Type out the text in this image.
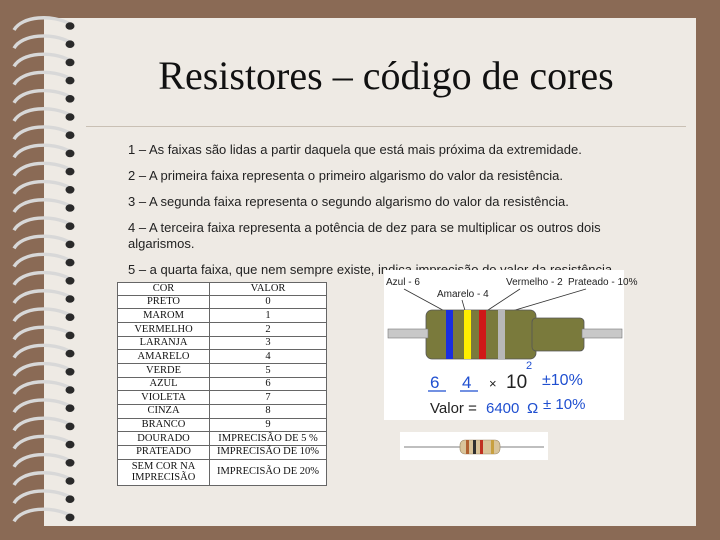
Resistores – código de cores

1 – As faixas são lidas a partir daquela que está mais próxima da extremidade.

2 – A primeira faixa representa o primeiro algarismo do valor da resistência.

3 – A segunda faixa representa o segundo algarismo do valor da resistência.

4 – A terceira faixa representa a potência de dez para se multiplicar os outros dois algarismos.

5 – a quarta faixa, que nem sempre existe, indica imprecisão do valor da resistência.

COR	VALOR
PRETO	0
MAROM	1
VERMELHO	2
LARANJA	3
AMARELO	4
VERDE	5
AZUL	6
VIOLETA	7
CINZA	8
BRANCO	9
DOURADO	IMPRECISÃO DE 5 %
PRATEADO	IMPRECISÃO DE 10%
SEM COR NA IMPRECISÃO	IMPRECISÃO DE 20%
Azul - 6
Amarelo - 4
Vermelho - 2 Prateado - 10%
6 4 × 10
2
±10%
Valor = 6400 Ω ± 10%
